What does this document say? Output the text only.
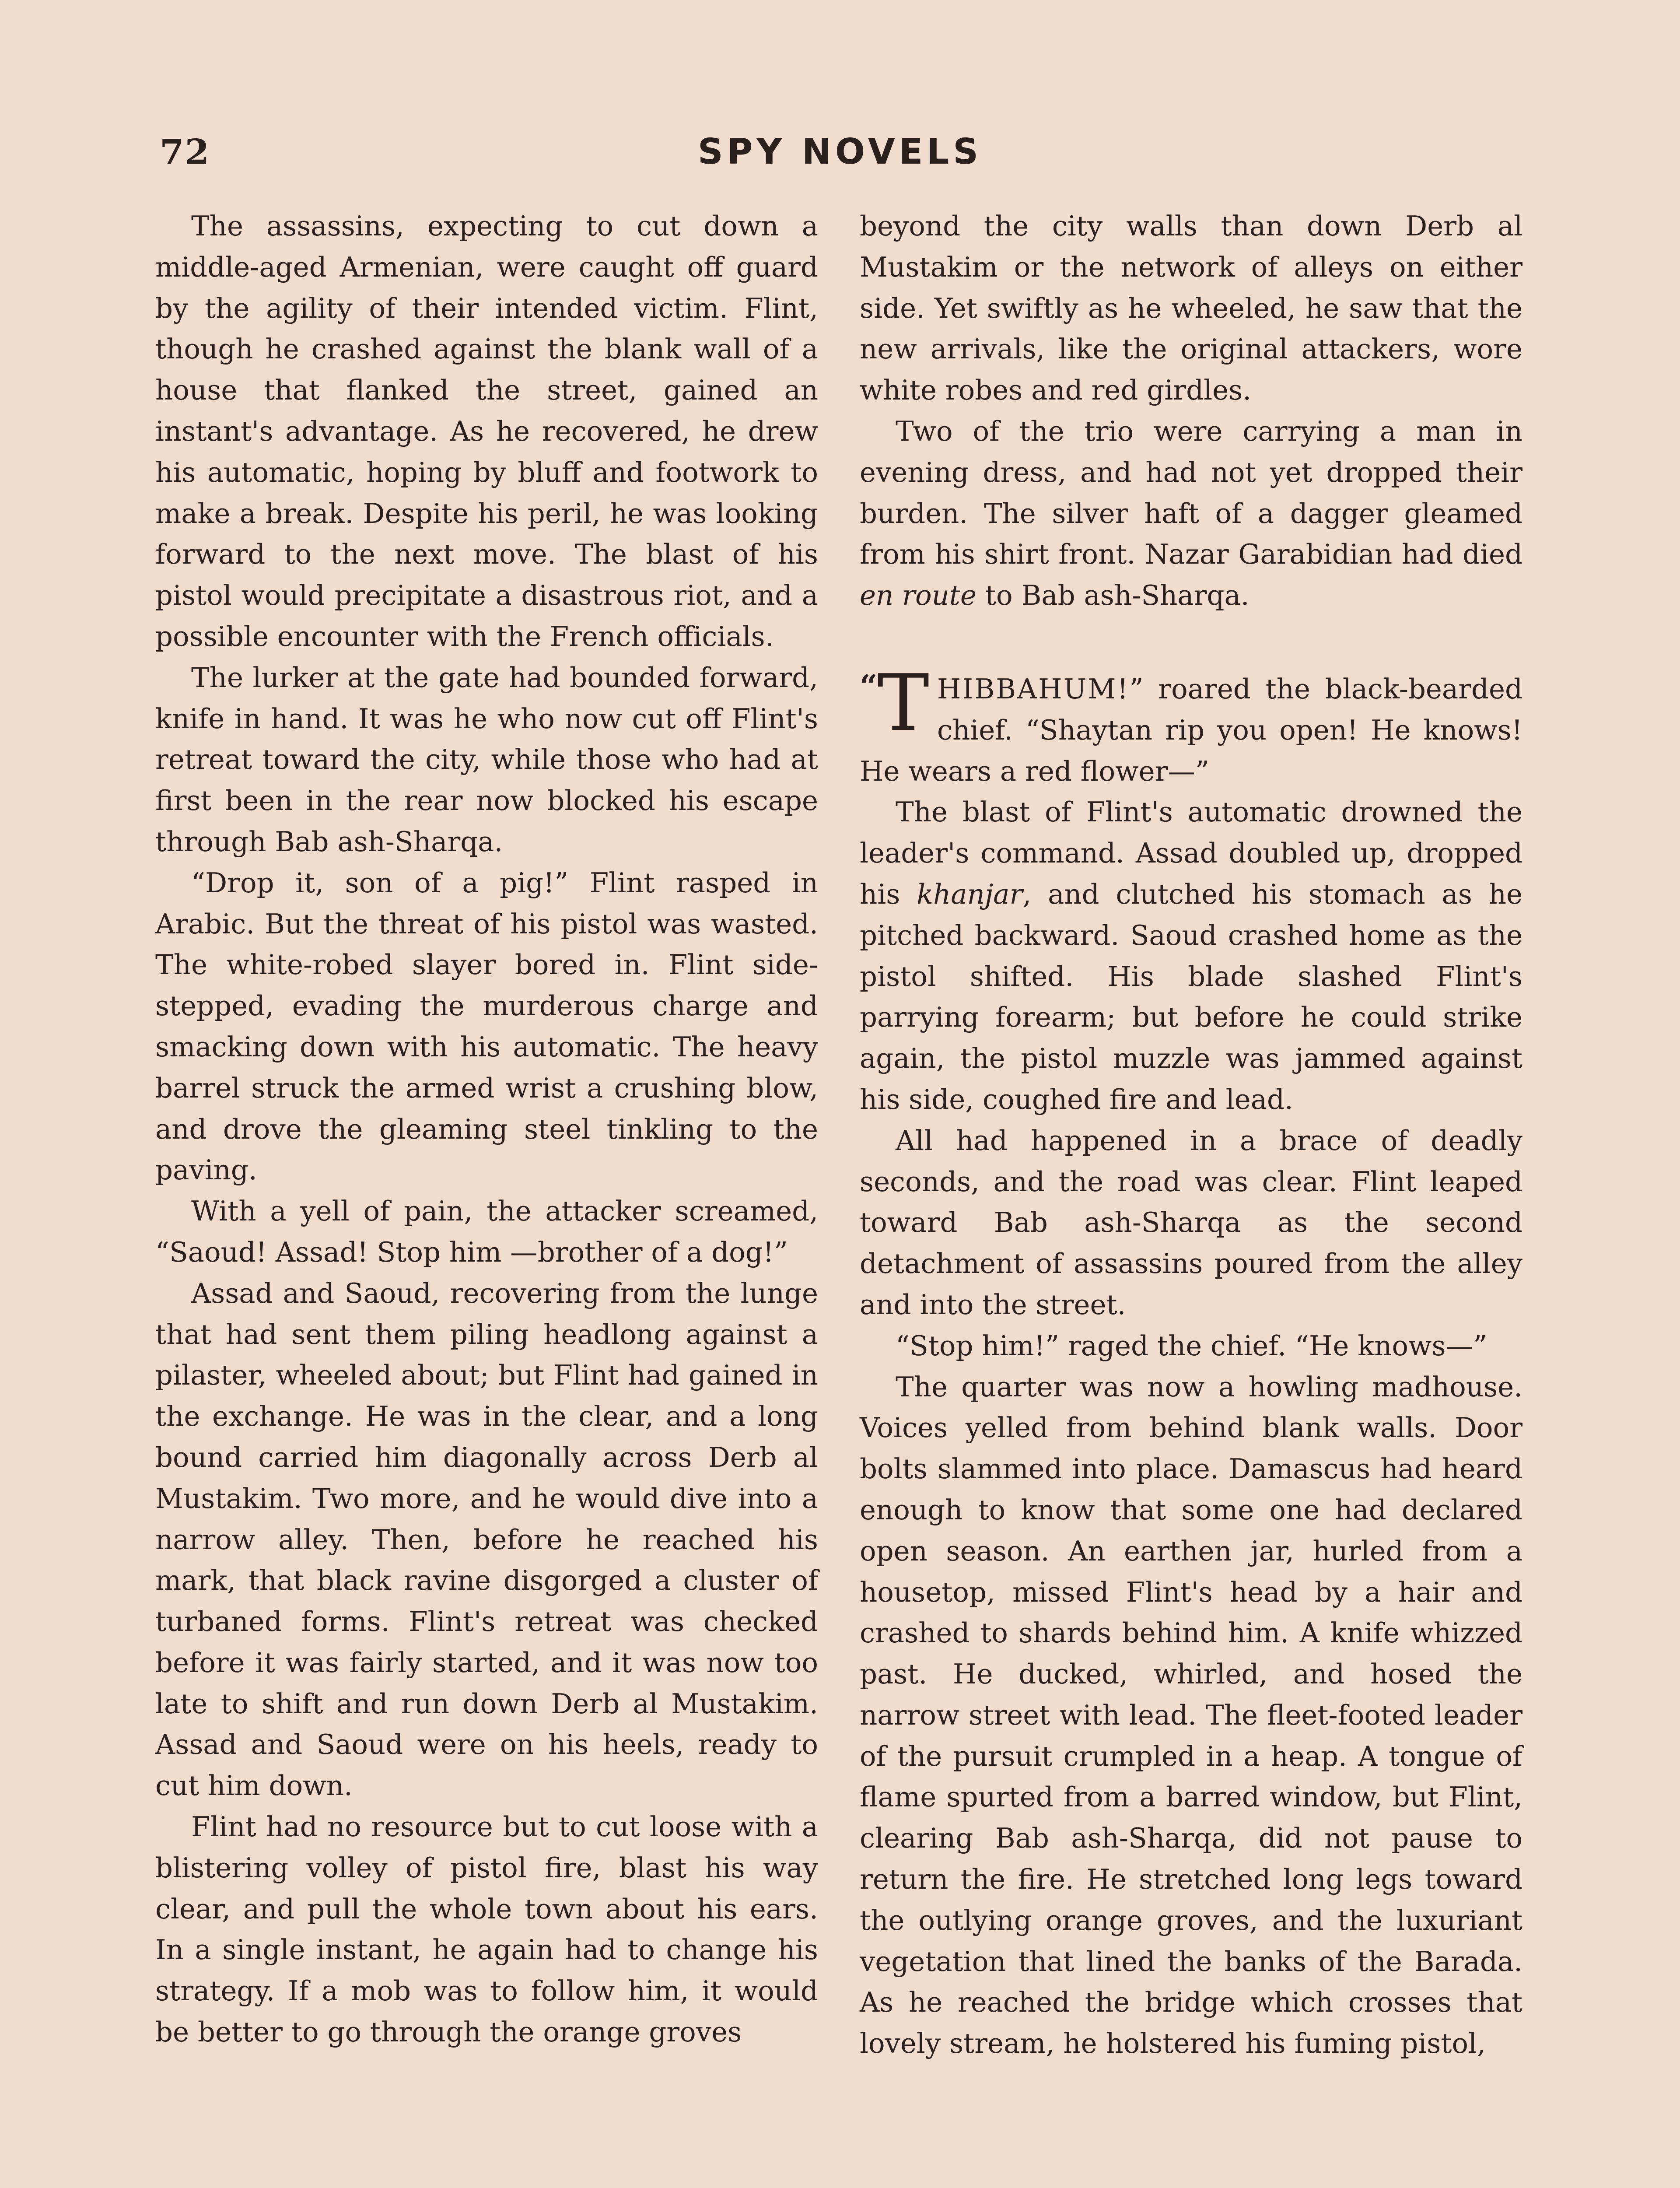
72	SPY NOVELS

The assassins, expecting to cut down a middle-aged Armenian, were caught off guard by the agility of their intended victim. Flint, though he crashed against the blank wall of a house that flanked the street, gained an instant's advantage. As he recovered, he drew his automatic, hoping by bluff and footwork to make a break. Despite his peril, he was looking forward to the next move. The blast of his pistol would precipitate a disastrous riot, and a possible encounter with the French officials.

The lurker at the gate had bounded forward, knife in hand. It was he who now cut off Flint's retreat toward the city, while those who had at first been in the rear now blocked his escape through Bab ash-Sharqa.

“Drop it, son of a pig!” Flint rasped in Arabic. But the threat of his pistol was wasted. The white-robed slayer bored in. Flint side-stepped, evading the murderous charge and smacking down with his automatic. The heavy barrel struck the armed wrist a crushing blow, and drove the gleaming steel tinkling to the paving.

With a yell of pain, the attacker screamed, “Saoud! Assad! Stop him —brother of a dog!”

Assad and Saoud, recovering from the lunge that had sent them piling headlong against a pilaster, wheeled about; but Flint had gained in the exchange. He was in the clear, and a long bound carried him diagonally across Derb al Mustakim. Two more, and he would dive into a narrow alley. Then, before he reached his mark, that black ravine disgorged a cluster of turbaned forms. Flint's retreat was checked before it was fairly started, and it was now too late to shift and run down Derb al Mustakim. Assad and Saoud were on his heels, ready to cut him down.

Flint had no resource but to cut loose with a blistering volley of pistol fire, blast his way clear, and pull the whole town about his ears. In a single instant, he again had to change his strategy. If a mob was to follow him, it would be better to go through the orange groves

beyond the city walls than down Derb al Mustakim or the network of alleys on either side. Yet swiftly as he wheeled, he saw that the new arrivals, like the original attackers, wore white robes and red girdles.

Two of the trio were carrying a man in evening dress, and had not yet dropped their burden. The silver haft of a dagger gleamed from his shirt front. Nazar Garabidian had died en route to Bab ash-Sharqa.

“ T HIBBAHUM!” roared the black-bearded chief. “Shaytan rip you open! He knows! He wears a red flower—”

The blast of Flint's automatic drowned the leader's command. Assad doubled up, dropped his khanjar, and clutched his stomach as he pitched backward. Saoud crashed home as the pistol shifted. His blade slashed Flint's parrying forearm; but before he could strike again, the pistol muzzle was jammed against his side, coughed fire and lead.

All had happened in a brace of deadly seconds, and the road was clear. Flint leaped toward Bab ash-Sharqa as the second detachment of assassins poured from the alley and into the street.

“Stop him!” raged the chief. “He knows—”

The quarter was now a howling madhouse. Voices yelled from behind blank walls. Door bolts slammed into place. Damascus had heard enough to know that some one had declared open season. An earthen jar, hurled from a housetop, missed Flint's head by a hair and crashed to shards behind him. A knife whizzed past. He ducked, whirled, and hosed the narrow street with lead. The fleet-footed leader of the pursuit crumpled in a heap. A tongue of flame spurted from a barred window, but Flint, clearing Bab ash-Sharqa, did not pause to return the fire. He stretched long legs toward the outlying orange groves, and the luxuriant vegetation that lined the banks of the Barada. As he reached the bridge which crosses that lovely stream, he holstered his fuming pistol,
